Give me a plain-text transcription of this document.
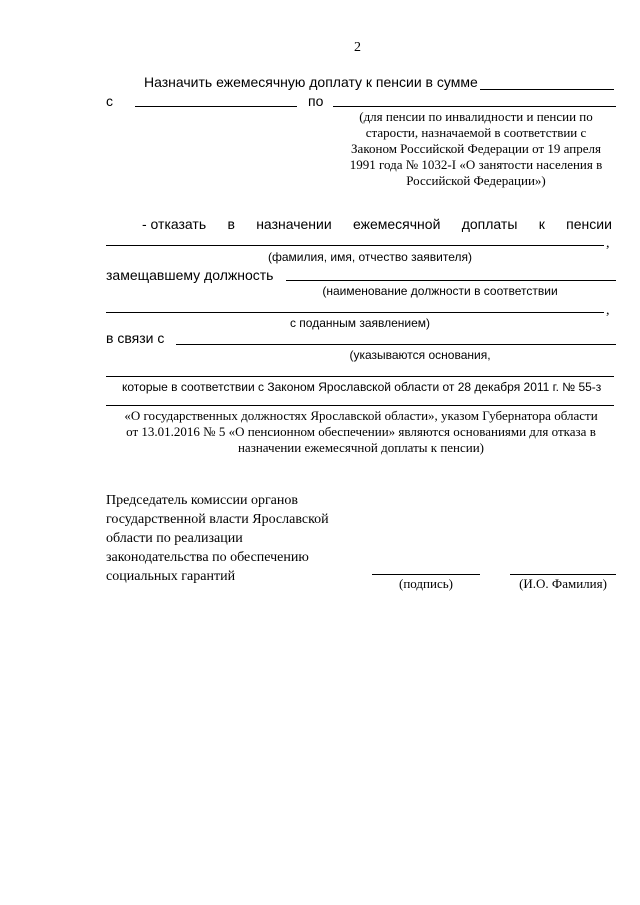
2
Назначить ежемесячную доплату к пенсии в сумме
с	по
(для пенсии по инвалидности и пенсии по
старости, назначаемой в соответствии с
Законом Российской Федерации от 19 апреля
1991 года № 1032-I «О занятости населения в
Российской Федерации»)
- отказать в назначении ежемесячной доплаты к пенсии
,
(фамилия, имя, отчество заявителя)
замещавшему должность
(наименование должности в соответствии
,
с поданным заявлением)
в связи с
(указываются основания,
которые в соответствии с Законом Ярославской области от 28 декабря 2011 г. № 55-з
«О государственных должностях Ярославской области», указом Губернатора области
от 13.01.2016 № 5 «О пенсионном обеспечении» являются основаниями для отказа в
назначении ежемесячной доплаты к пенсии)
Председатель комиссии органов
государственной власти Ярославской
области по реализации
законодательства по обеспечению
социальных гарантий	(подпись)	(И.О. Фамилия)
